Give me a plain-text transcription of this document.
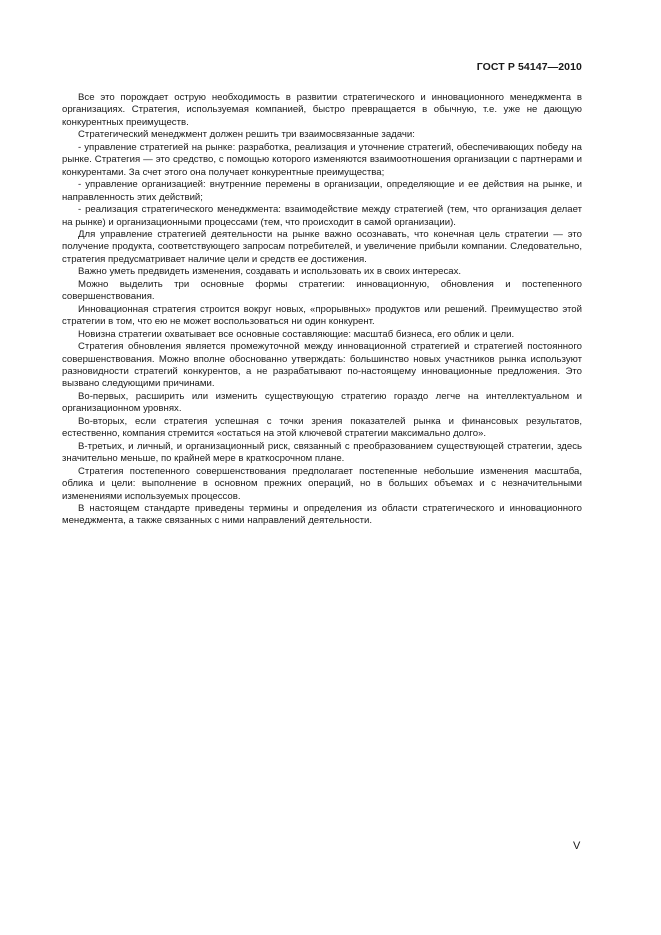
ГОСТ Р 54147—2010

Все это порождает острую необходимость в развитии стратегического и инновационного менеджмента в организациях. Стратегия, используемая компанией, быстро превращается в обычную, т.е. уже не дающую конкурентных преимуществ.

Стратегический менеджмент должен решить три взаимосвязанные задачи:

- управление стратегией на рынке: разработка, реализация и уточнение стратегий, обеспечивающих победу на рынке. Стратегия — это средство, с помощью которого изменяются взаимоотношения организации с партнерами и конкурентами. За счет этого она получает конкурентные преимущества;

- управление организацией: внутренние перемены в организации, определяющие и ее действия на рынке, и направленность этих действий;

- реализация стратегического менеджмента: взаимодействие между стратегией (тем, что организация делает на рынке) и организационными процессами (тем, что происходит в самой организации).

Для управление стратегией деятельности на рынке важно осознавать, что конечная цель стратегии — это получение продукта, соответствующего запросам потребителей, и увеличение прибыли компании. Следовательно, стратегия предусматривает наличие цели и средств ее достижения.

Важно уметь предвидеть изменения, создавать и использовать их в своих интересах.

Можно выделить три основные формы стратегии: инновационную, обновления и постепенного совершенствования.

Инновационная стратегия строится вокруг новых, «прорывных» продуктов или решений. Преимущество этой стратегии в том, что ею не может воспользоваться ни один конкурент.

Новизна стратегии охватывает все основные составляющие: масштаб бизнеса, его облик и цели.

Стратегия обновления является промежуточной между инновационной стратегией и стратегией постоянного совершенствования. Можно вполне обоснованно утверждать: большинство новых участников рынка используют разновидности стратегий конкурентов, а не разрабатывают по-настоящему инновационные предложения. Это вызвано следующими причинами.

Во-первых, расширить или изменить существующую стратегию гораздо легче на интеллектуальном и организационном уровнях.

Во-вторых, если стратегия успешная с точки зрения показателей рынка и финансовых результатов, естественно, компания стремится «остаться на этой ключевой стратегии максимально долго».

В-третьих, и личный, и организационный риск, связанный с преобразованием существующей стратегии, здесь значительно меньше, по крайней мере в краткосрочном плане.

Стратегия постепенного совершенствования предполагает постепенные небольшие изменения масштаба, облика и цели: выполнение в основном прежних операций, но в больших объемах и с незначительными изменениями используемых процессов.

В настоящем стандарте приведены термины и определения из области стратегического и инновационного менеджмента, а также связанных с ними направлений деятельности.

V
